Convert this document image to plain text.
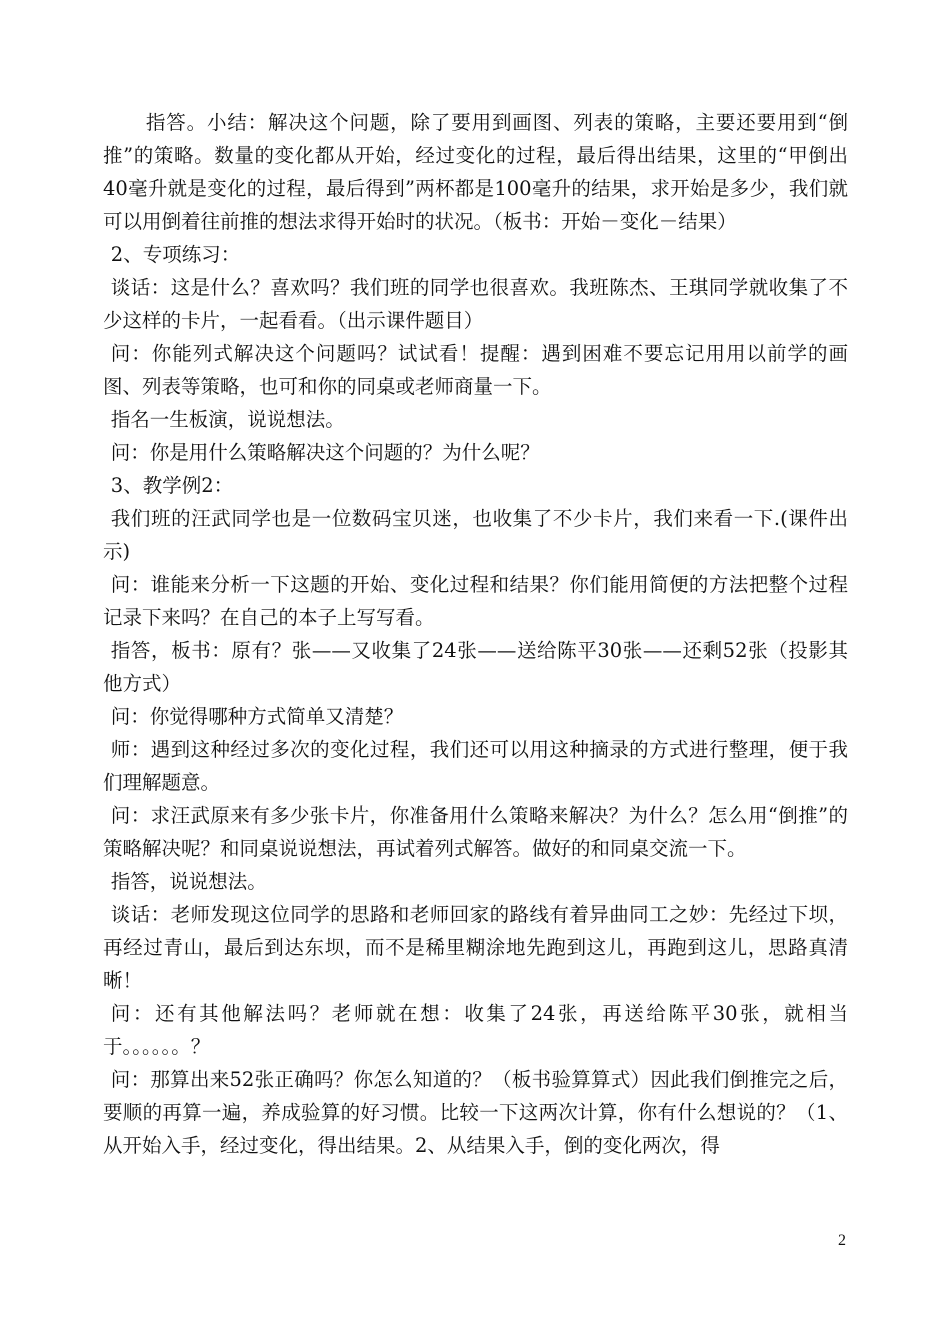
指答。小结：解决这个问题，除了要用到画图、列表的策略，主要还要用到“倒推”的策略。数量的变化都从开始，经过变化的过程，最后得出结果，这里的“甲倒出40毫升就是变化的过程，最后得到”两杯都是100毫升的结果，求开始是多少，我们就可以用倒着往前推的想法求得开始时的状况。（板书：开始－变化－结果）

2、专项练习：

谈话：这是什么？喜欢吗？我们班的同学也很喜欢。我班陈杰、王琪同学就收集了不少这样的卡片，一起看看。（出示课件题目）

问：你能列式解决这个问题吗？试试看！提醒：遇到困难不要忘记用用以前学的画图、列表等策略，也可和你的同桌或老师商量一下。

指名一生板演，说说想法。

问：你是用什么策略解决这个问题的？为什么呢？

3、教学例2：

我们班的汪武同学也是一位数码宝贝迷，也收集了不少卡片，我们来看一下.(课件出示)

问：谁能来分析一下这题的开始、变化过程和结果？你们能用简便的方法把整个过程记录下来吗？在自己的本子上写写看。

指答，板书：原有？张——又收集了24张——送给陈平30张——还剩52张（投影其他方式）

问：你觉得哪种方式简单又清楚？

师：遇到这种经过多次的变化过程，我们还可以用这种摘录的方式进行整理，便于我们理解题意。

问：求汪武原来有多少张卡片，你准备用什么策略来解决？为什么？怎么用“倒推”的策略解决呢？和同桌说说想法，再试着列式解答。做好的和同桌交流一下。

指答，说说想法。

谈话：老师发现这位同学的思路和老师回家的路线有着异曲同工之妙：先经过下坝，再经过青山，最后到达东坝，而不是稀里糊涂地先跑到这儿，再跑到这儿，思路真清晰！

问：还有其他解法吗？老师就在想：收集了24张，再送给陈平30张，就相当于。。。。。。？

问：那算出来52张正确吗？你怎么知道的？（板书验算算式）因此我们倒推完之后，要顺的再算一遍，养成验算的好习惯。比较一下这两次计算，你有什么想说的？（1、从开始入手，经过变化，得出结果。2、从结果入手，倒的变化两次，得

2
